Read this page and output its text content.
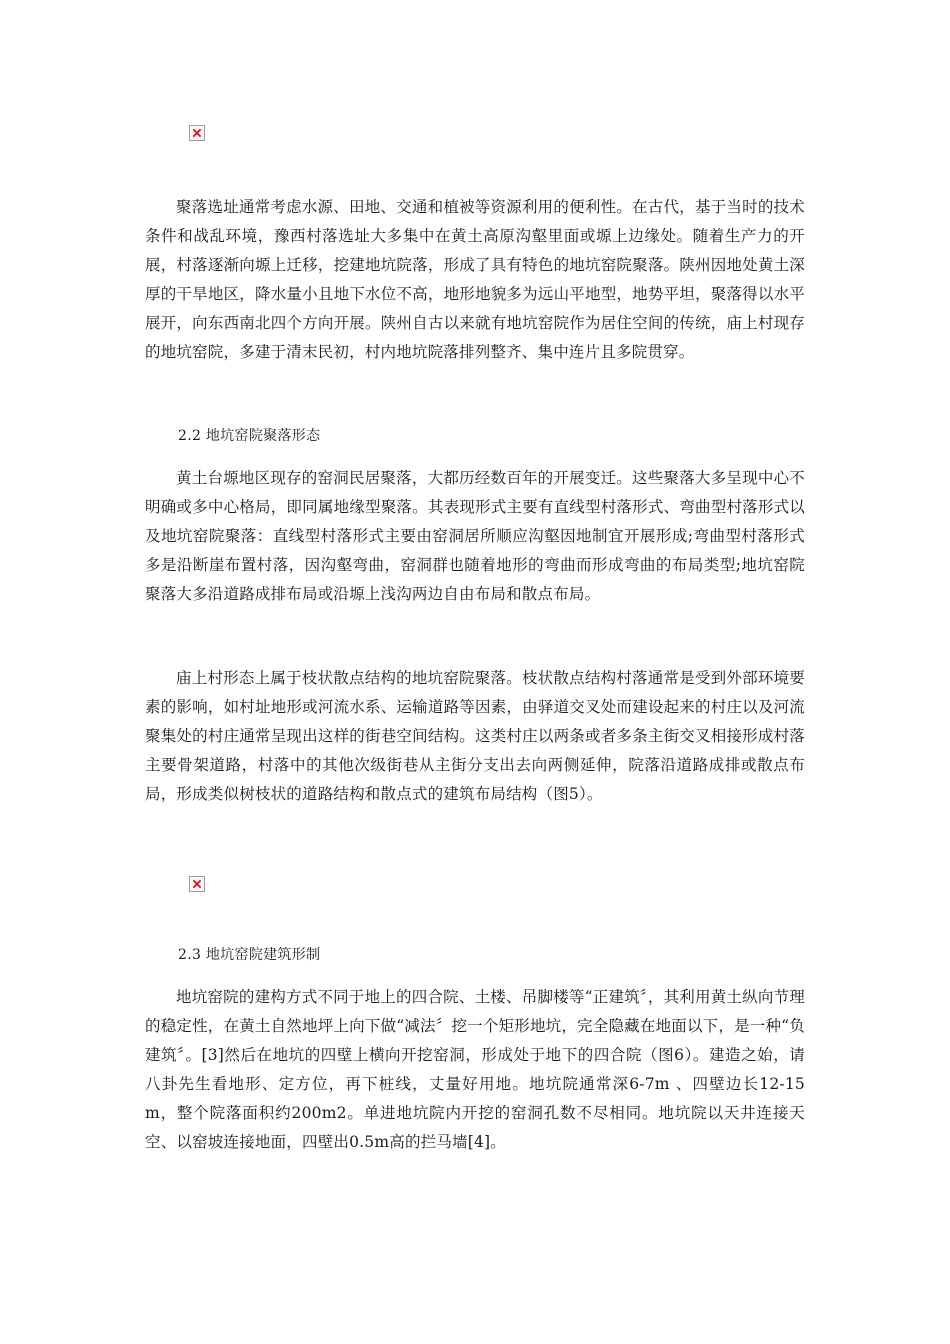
聚落选址通常考虑水源、田地、交通和植被等资源利用的便利性。在古代，基于当时的技术条件和战乱环境，豫西村落选址大多集中在黄土高原沟壑里面或塬上边缘处。随着生产力的开展，村落逐渐向塬上迁移，挖建地坑院落，形成了具有特色的地坑窑院聚落。陕州因地处黄土深厚的干旱地区，降水量小且地下水位不高，地形地貌多为远山平地型，地势平坦，聚落得以水平展开，向东西南北四个方向开展。陕州自古以来就有地坑窑院作为居住空间的传统，庙上村现存的地坑窑院，多建于清末民初，村内地坑院落排列整齐、集中连片且多院贯穿。

2.2 地坑窑院聚落形态

黄土台塬地区现存的窑洞民居聚落，大都历经数百年的开展变迁。这些聚落大多呈现中心不明确或多中心格局，即同属地缘型聚落。其表现形式主要有直线型村落形式、弯曲型村落形式以及地坑窑院聚落：直线型村落形式主要由窑洞居所顺应沟壑因地制宜开展形成;弯曲型村落形式多是沿断崖布置村落，因沟壑弯曲，窑洞群也随着地形的弯曲而形成弯曲的布局类型;地坑窑院聚落大多沿道路成排布局或沿塬上浅沟两边自由布局和散点布局。

庙上村形态上属于枝状散点结构的地坑窑院聚落。枝状散点结构村落通常是受到外部环境要素的影响，如村址地形或河流水系、运输道路等因素，由驿道交叉处而建设起来的村庄以及河流聚集处的村庄通常呈现出这样的街巷空间结构。这类村庄以两条或者多条主街交叉相接形成村落主要骨架道路，村落中的其他次级街巷从主街分支出去向两侧延伸，院落沿道路成排或散点布局，形成类似树枝状的道路结构和散点式的建筑布局结构（图5）。

2.3 地坑窑院建筑形制

地坑窑院的建构方式不同于地上的四合院、土楼、吊脚楼等“正建筑〞，其利用黄土纵向节理的稳定性，在黄土自然地坪上向下做“减法〞挖一个矩形地坑，完全隐藏在地面以下，是一种“负建筑〞。[3]然后在地坑的四壁上横向开挖窑洞，形成处于地下的四合院（图6）。建造之始，请八卦先生看地形、定方位，再下桩线，丈量好用地。地坑院通常深6-7m 、四壁边长12-15 m，整个院落面积约200m2。单进地坑院内开挖的窑洞孔数不尽相同。地坑院以天井连接天空、以窑坡连接地面，四壁出0.5m高的拦马墙[4]。
